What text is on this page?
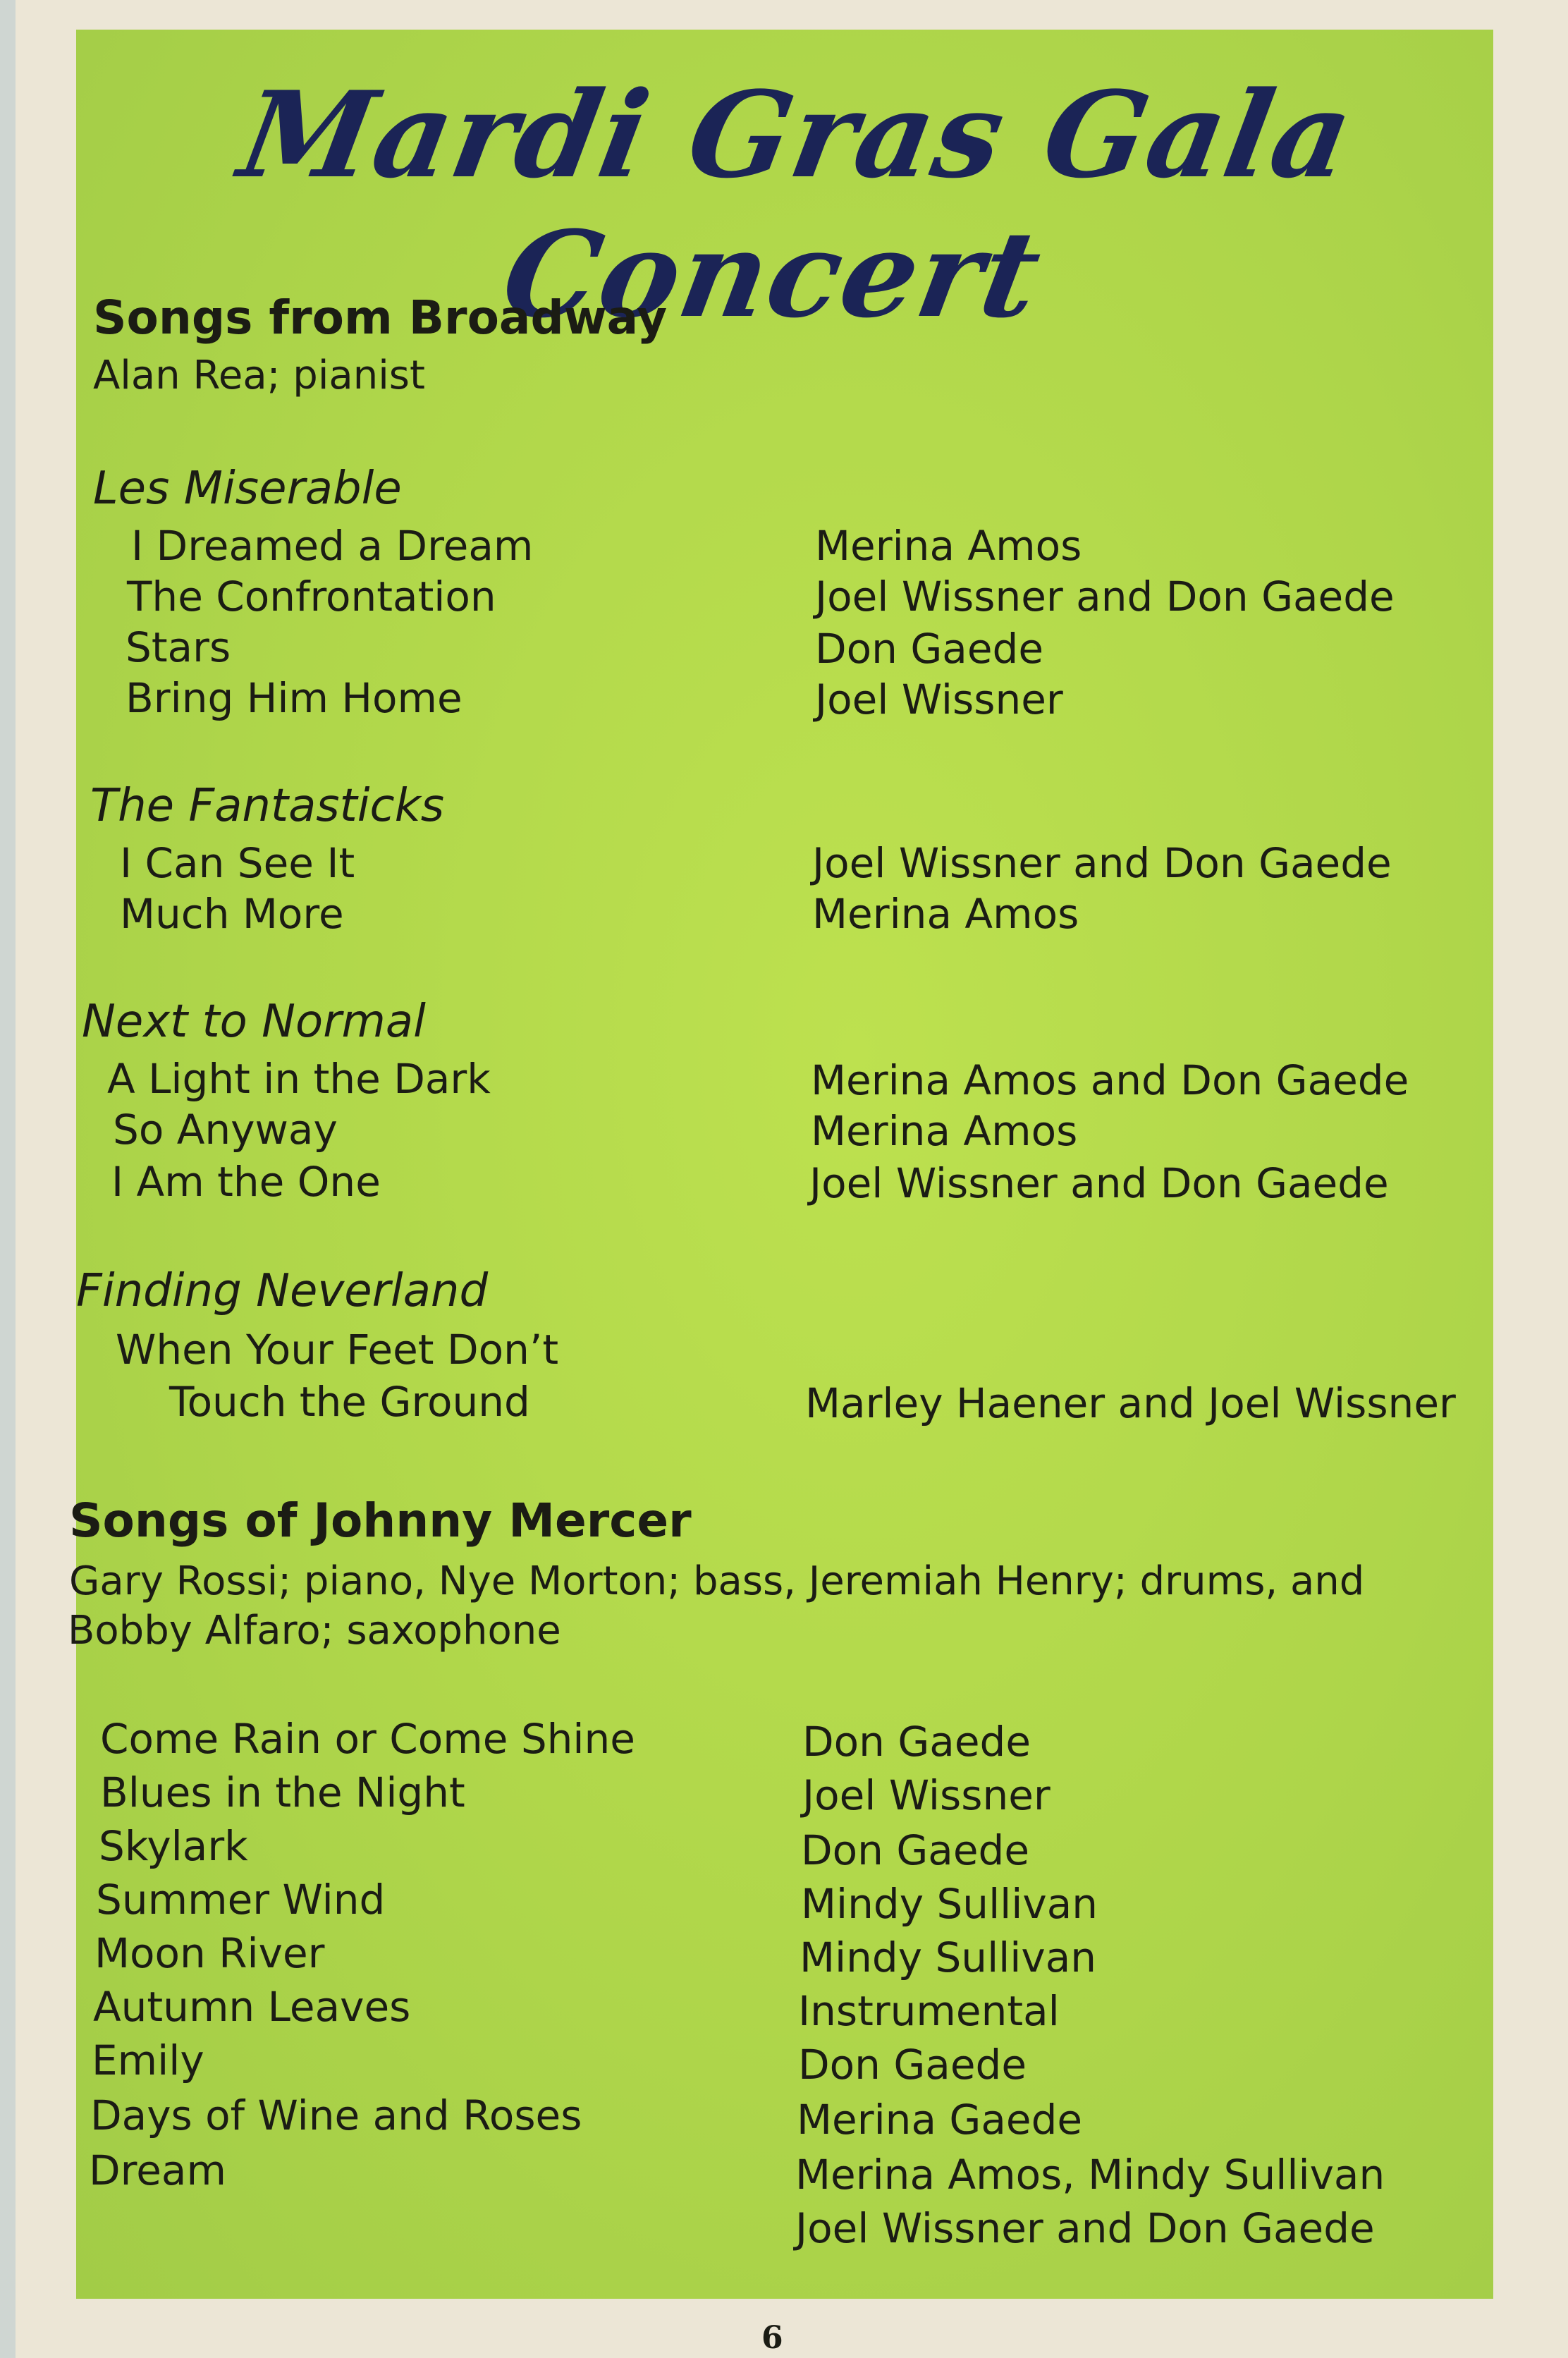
Mardi Gras Gala Concert
Songs from Broadway
Alan Rea; pianist
Les Miserable
I Dreamed a Dream	Merina Amos
The Confrontation	Joel Wissner and Don Gaede
Stars	Don Gaede
Bring Him Home	Joel Wissner
The Fantasticks
I Can See It	Joel Wissner and Don Gaede
Much More	Merina Amos
Next to Normal
A Light in the Dark	Merina Amos and Don Gaede
So Anyway	Merina Amos
I Am the One	Joel Wissner and Don Gaede
Finding Neverland
When Your Feet Don’t
Touch the Ground	Marley Haener and Joel Wissner
Songs of Johnny Mercer
Gary Rossi; piano, Nye Morton; bass, Jeremiah Henry; drums, and
Bobby Alfaro; saxophone
Come Rain or Come Shine	Don Gaede
Blues in the Night	Joel Wissner
Skylark	Don Gaede
Summer Wind	Mindy Sullivan
Moon River	Mindy Sullivan
Autumn Leaves	Instrumental
Emily	Don Gaede
Days of Wine and Roses	Merina Gaede
Dream	Merina Amos, Mindy Sullivan
Joel Wissner and Don Gaede
6
